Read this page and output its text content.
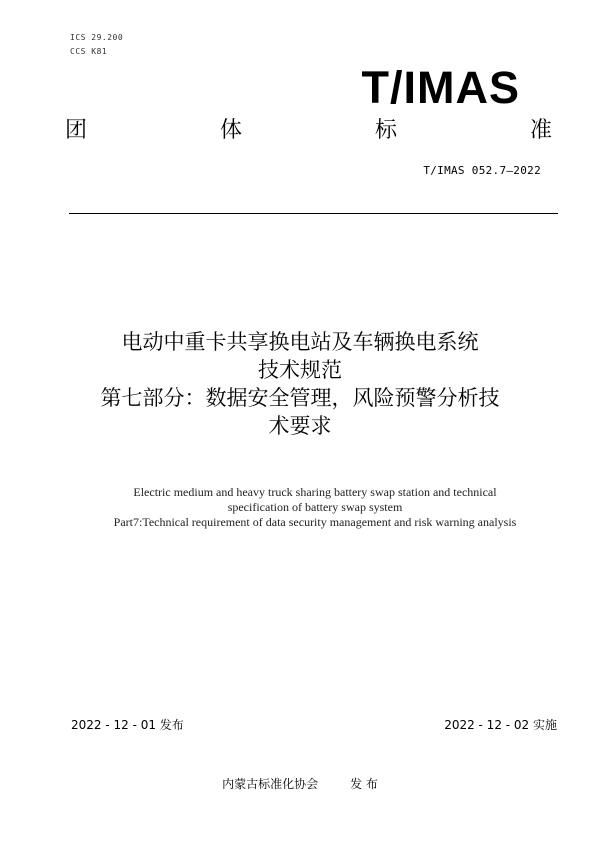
ICS 29.200
CCS K81
T/IMAS
团	体	标	准
T/IMAS 052.7—2022
电动中重卡共享换电站及车辆换电系统
技术规范
第七部分：数据安全管理，风险预警分析技
术要求
Electric medium and heavy truck sharing battery swap station and technical
specification of battery swap system
Part7:Technical requirement of data security management and risk warning analysis
2022 - 12 - 01 发布	2022 - 12 - 02 实施
内蒙古标准化协会	发 布
